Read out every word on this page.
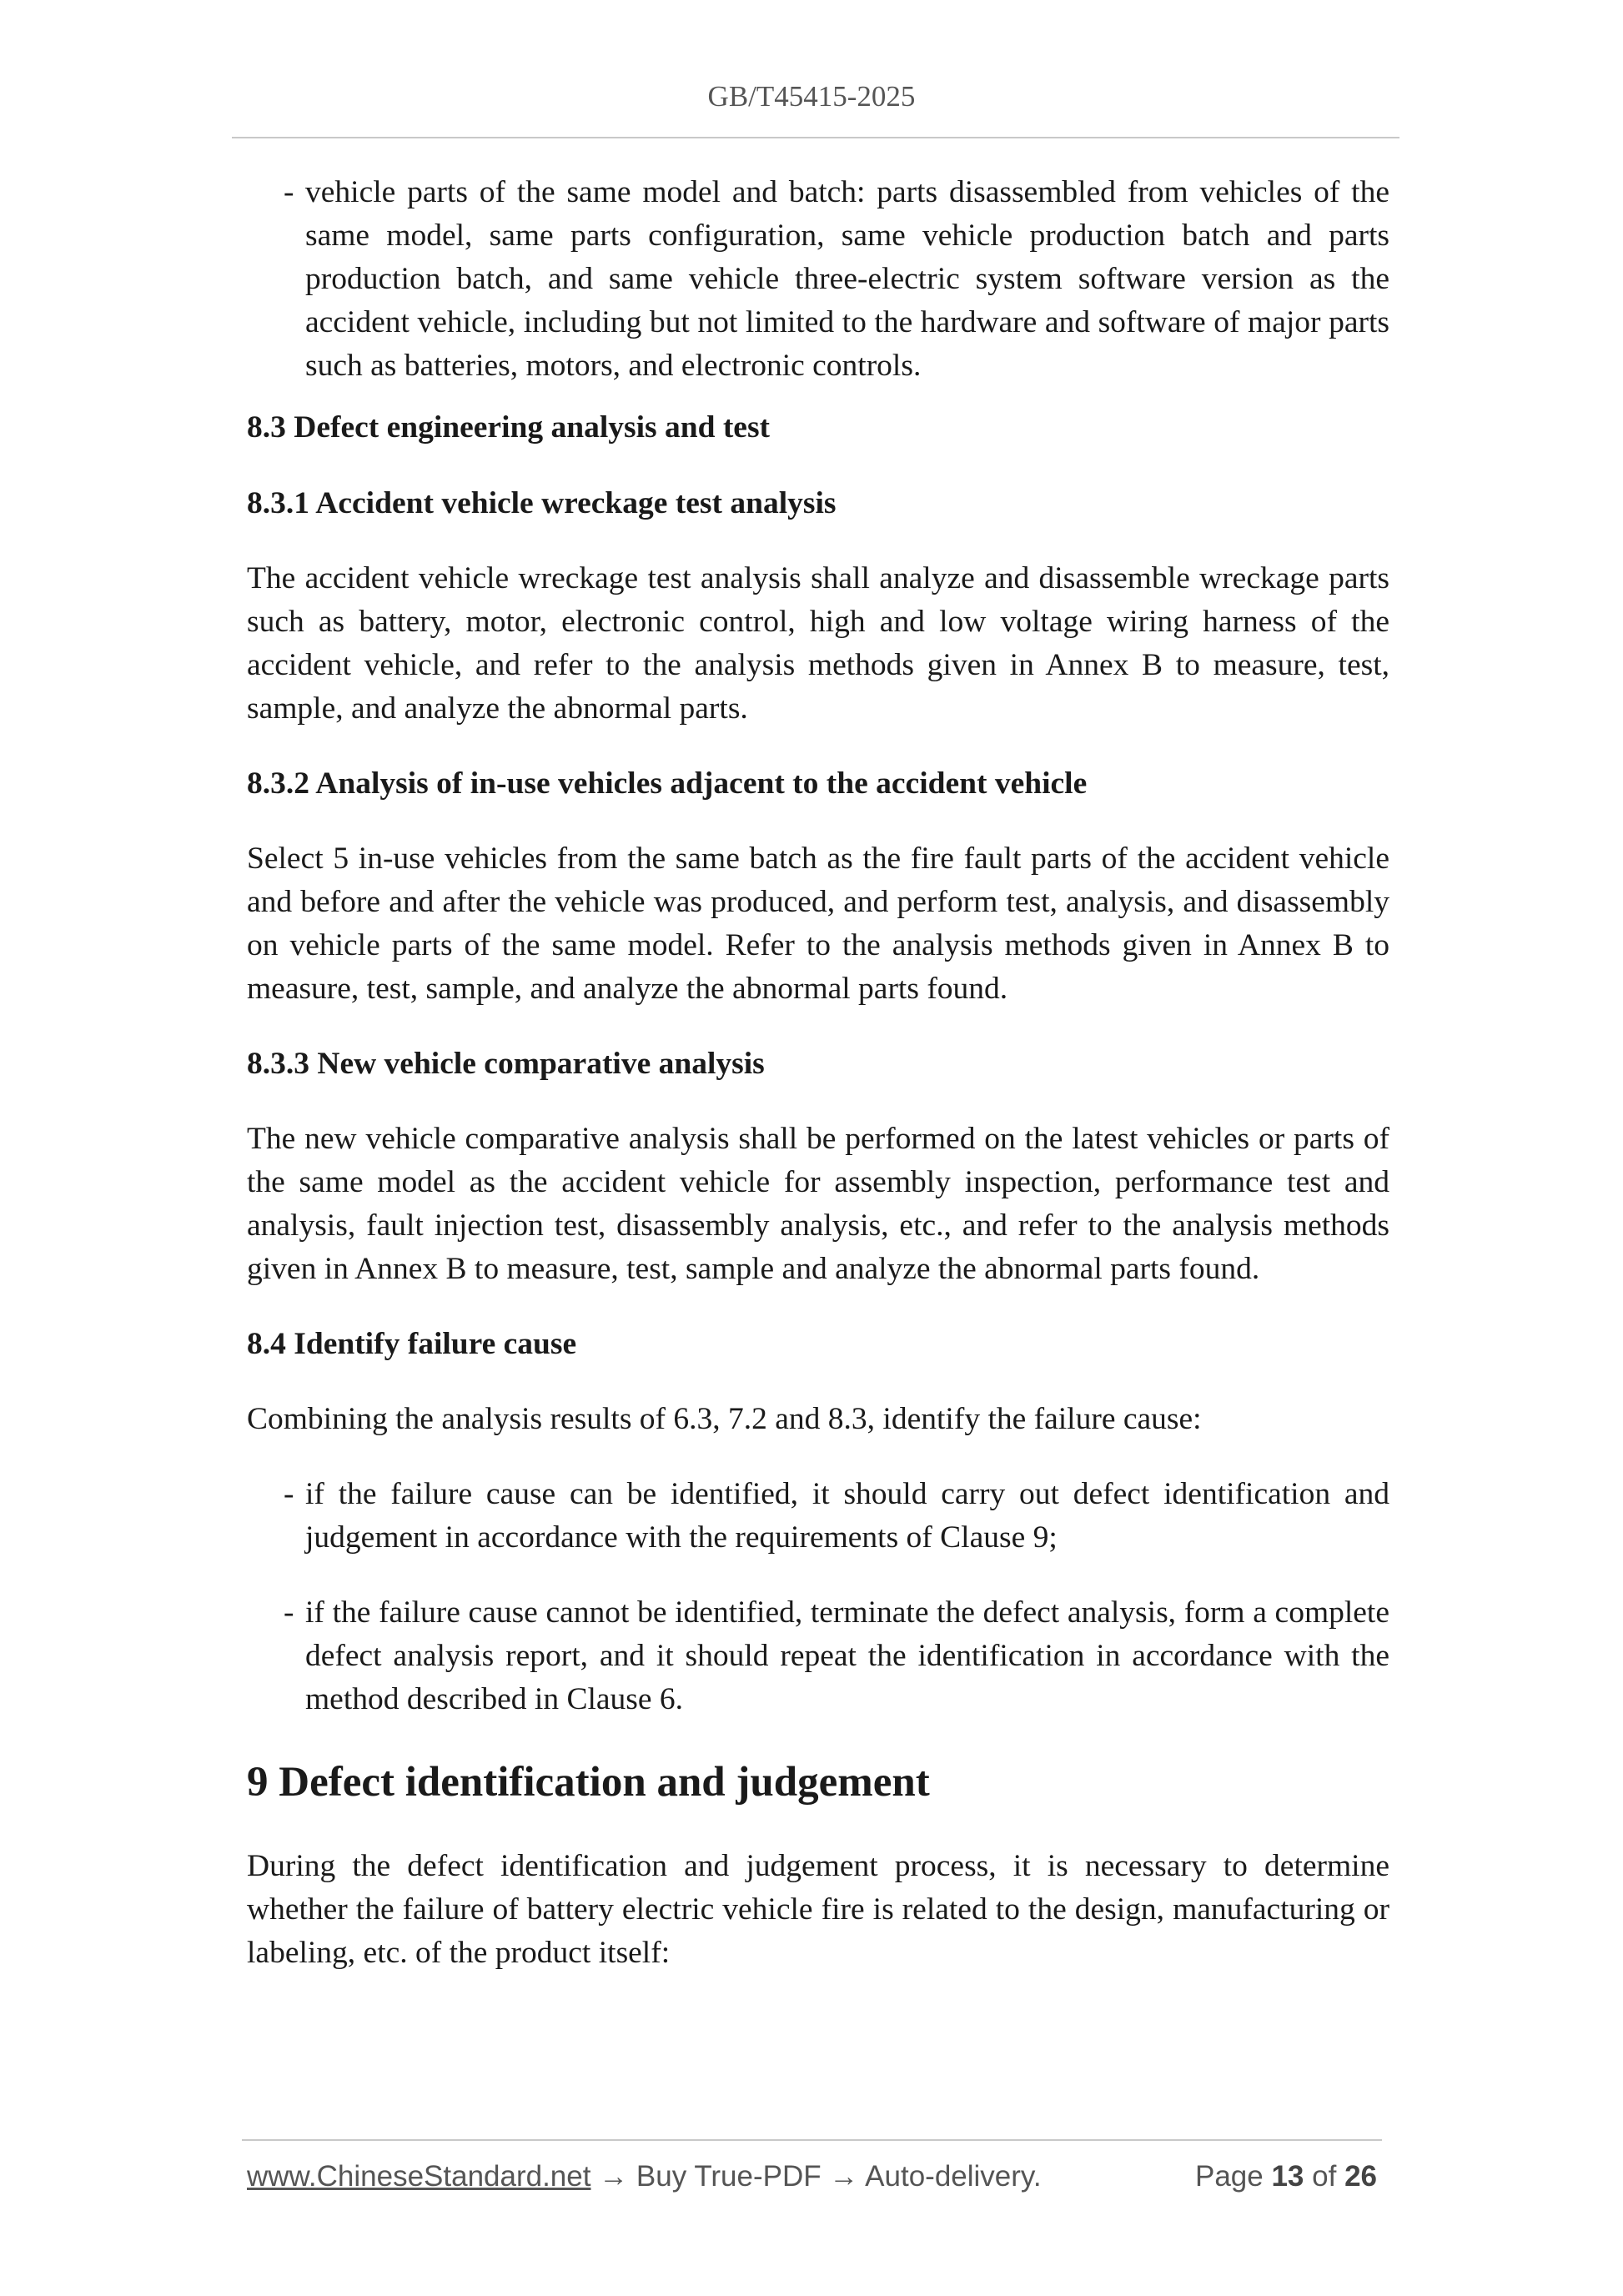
GB/T45415-2025

- vehicle parts of the same model and batch: parts disassembled from vehicles of the same model, same parts configuration, same vehicle production batch and parts production batch, and same vehicle three-electric system software version as the accident vehicle, including but not limited to the hardware and software of major parts such as batteries, motors, and electronic controls.

8.3 Defect engineering analysis and test

8.3.1 Accident vehicle wreckage test analysis

The accident vehicle wreckage test analysis shall analyze and disassemble wreckage parts such as battery, motor, electronic control, high and low voltage wiring harness of the accident vehicle, and refer to the analysis methods given in Annex B to measure, test, sample, and analyze the abnormal parts.

8.3.2 Analysis of in-use vehicles adjacent to the accident vehicle

Select 5 in-use vehicles from the same batch as the fire fault parts of the accident vehicle and before and after the vehicle was produced, and perform test, analysis, and disassembly on vehicle parts of the same model. Refer to the analysis methods given in Annex B to measure, test, sample, and analyze the abnormal parts found.

8.3.3 New vehicle comparative analysis

The new vehicle comparative analysis shall be performed on the latest vehicles or parts of the same model as the accident vehicle for assembly inspection, performance test and analysis, fault injection test, disassembly analysis, etc., and refer to the analysis methods given in Annex B to measure, test, sample and analyze the abnormal parts found.

8.4 Identify failure cause

Combining the analysis results of 6.3, 7.2 and 8.3, identify the failure cause:

- if the failure cause can be identified, it should carry out defect identification and judgement in accordance with the requirements of Clause 9;

- if the failure cause cannot be identified, terminate the defect analysis, form a complete defect analysis report, and it should repeat the identification in accordance with the method described in Clause 6.

9 Defect identification and judgement

During the defect identification and judgement process, it is necessary to determine whether the failure of battery electric vehicle fire is related to the design, manufacturing or labeling, etc. of the product itself:

www.ChineseStandard.net → Buy True-PDF → Auto-delivery.	Page 13 of 26
